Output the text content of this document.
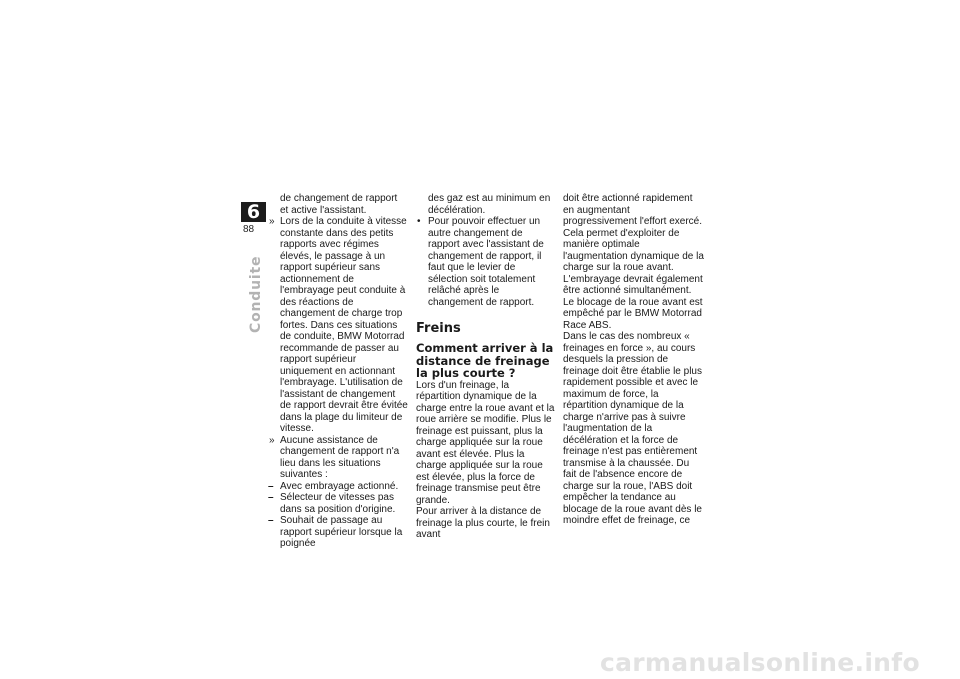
6
88
Conduite

de changement de rapport et active l'assistant.

» Lors de la conduite à vitesse constante dans des petits rapports avec régimes élevés, le passage à un rapport supérieur sans actionnement de l'embrayage peut conduite à des réactions de changement de charge trop fortes. Dans ces situations de conduite, BMW Motorrad recommande de passer au rapport supérieur uniquement en actionnant l'embrayage. L'utilisation de l'assistant de changement de rapport devrait être évitée dans la plage du limiteur de vitesse.

» Aucune assistance de changement de rapport n'a lieu dans les situations suivantes :

– Avec embrayage actionné.

– Sélecteur de vitesses pas dans sa position d'origine.

– Souhait de passage au rapport supérieur lorsque la poignée

des gaz est au minimum en décélération.

• Pour pouvoir effectuer un autre changement de rapport avec l'assistant de changement de rapport, il faut que le levier de sélection soit totalement relâché après le changement de rapport.

Freins

Comment arriver à la distance de freinage la plus courte ?

Lors d'un freinage, la répartition dynamique de la charge entre la roue avant et la roue arrière se modifie. Plus le freinage est puissant, plus la charge appliquée sur la roue avant est élevée. Plus la charge appliquée sur la roue est élevée, plus la force de freinage transmise peut être grande.

Pour arriver à la distance de freinage la plus courte, le frein avant

doit être actionné rapidement en augmentant progressivement l'effort exercé. Cela permet d'exploiter de manière optimale l'augmentation dynamique de la charge sur la roue avant. L'embrayage devrait également être actionné simultanément.

Le blocage de la roue avant est empêché par le BMW Motorrad Race ABS.

Dans le cas des nombreux « freinages en force », au cours desquels la pression de freinage doit être établie le plus rapidement possible et avec le maximum de force, la répartition dynamique de la charge n'arrive pas à suivre l'augmentation de la décélération et la force de freinage n'est pas entièrement transmise à la chaussée. Du fait de l'absence encore de charge sur la roue, l'ABS doit empêcher la tendance au blocage de la roue avant dès le moindre effet de freinage, ce

carmanualsonline.info
